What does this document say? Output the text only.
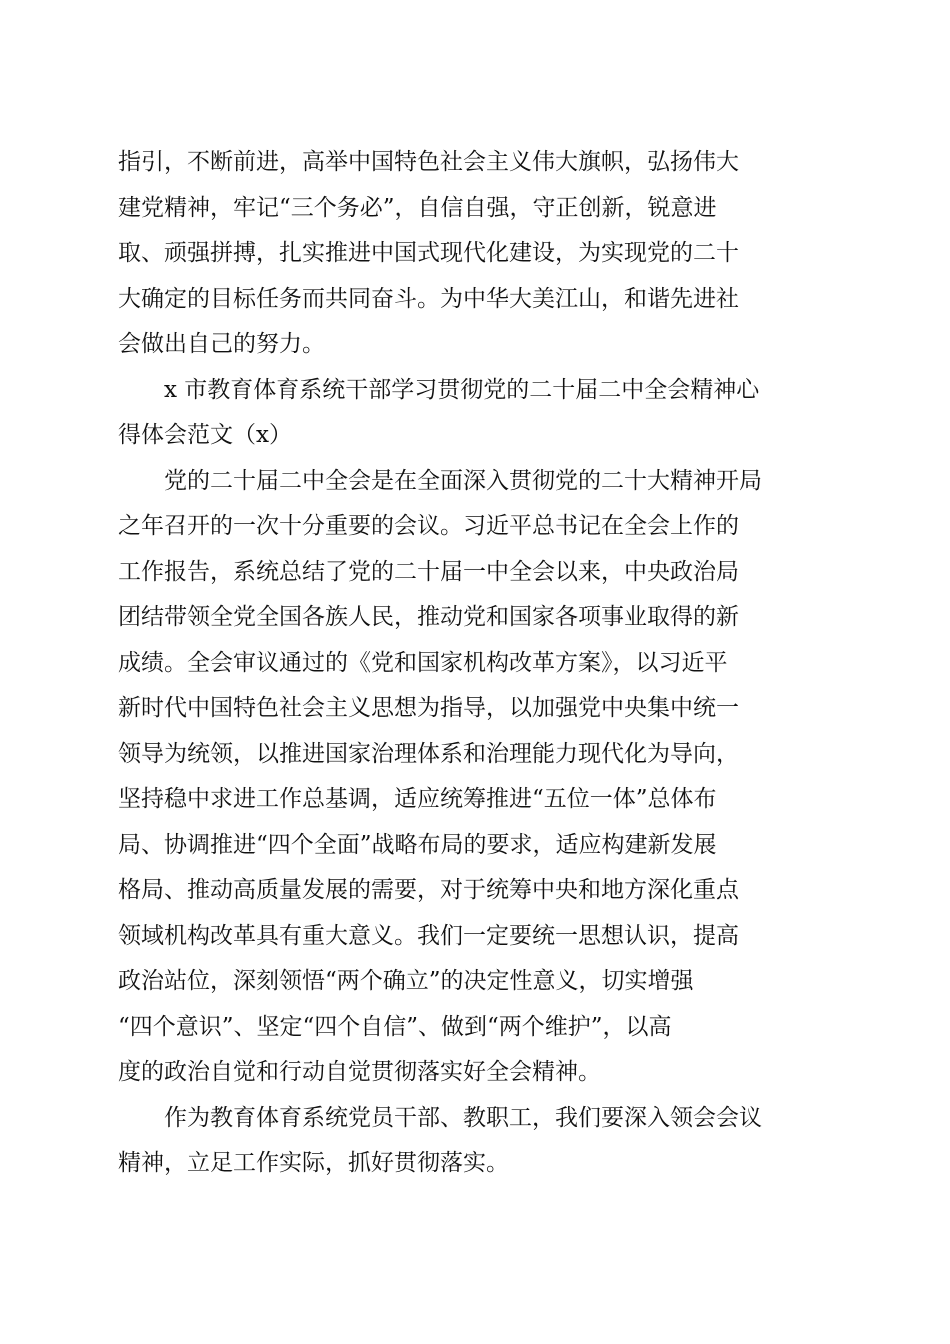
指引，不断前进，高举中国特色社会主义伟大旗帜，弘扬伟大
建党精神，牢记“三个务必”，自信自强，守正创新，锐意进
取、顽强拼搏，扎实推进中国式现代化建设，为实现党的二十
大确定的目标任务而共同奋斗。为中华大美江山，和谐先进社
会做出自己的努力。

　　x 市教育体育系统干部学习贯彻党的二十届二中全会精神心
得体会范文（x）

　　党的二十届二中全会是在全面深入贯彻党的二十大精神开局
之年召开的一次十分重要的会议。习近平总书记在全会上作的
工作报告，系统总结了党的二十届一中全会以来，中央政治局
团结带领全党全国各族人民，推动党和国家各项事业取得的新
成绩。全会审议通过的《党和国家机构改革方案》，以习近平
新时代中国特色社会主义思想为指导，以加强党中央集中统一
领导为统领，以推进国家治理体系和治理能力现代化为导向，
坚持稳中求进工作总基调，适应统筹推进“五位一体”总体布
局、协调推进“四个全面”战略布局的要求，适应构建新发展
格局、推动高质量发展的需要，对于统筹中央和地方深化重点
领域机构改革具有重大意义。我们一定要统一思想认识，提高
政治站位，深刻领悟“两个确立”的决定性意义，切实增强
“四个意识”、坚定“四个自信”、做到“两个维护”，以高
度的政治自觉和行动自觉贯彻落实好全会精神。

　　作为教育体育系统党员干部、教职工，我们要深入领会会议
精神，立足工作实际，抓好贯彻落实。
